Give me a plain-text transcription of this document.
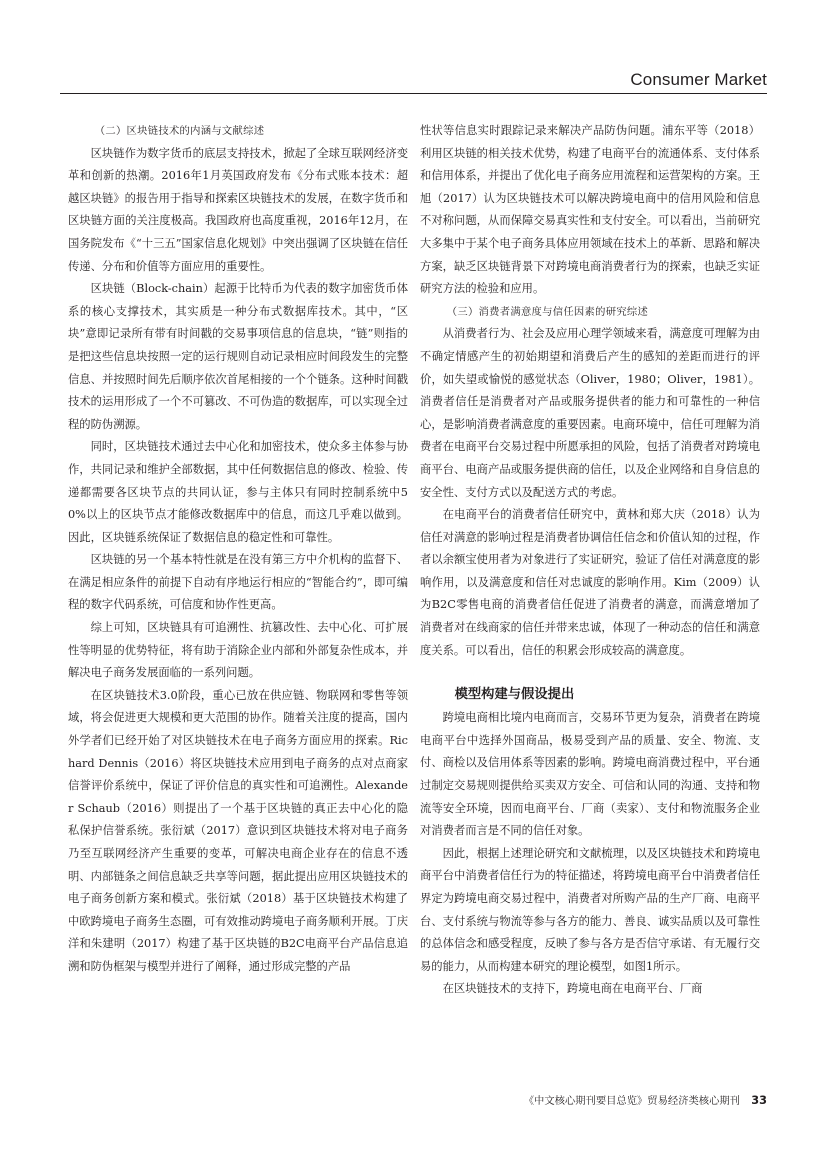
Consumer Market

（二）区块链技术的内涵与文献综述

区块链作为数字货币的底层支持技术，掀起了全球互联网经济变革和创新的热潮。2016年1月英国政府发布《分布式账本技术：超越区块链》的报告用于指导和探索区块链技术的发展，在数字货币和区块链方面的关注度极高。我国政府也高度重视，2016年12月，在国务院发布《“十三五”国家信息化规划》中突出强调了区块链在信任传递、分布和价值等方面应用的重要性。

区块链（Block-chain）起源于比特币为代表的数字加密货币体系的核心支撑技术，其实质是一种分布式数据库技术。其中，“区块”意即记录所有带有时间戳的交易事项信息的信息块，“链”则指的是把这些信息块按照一定的运行规则自动记录相应时间段发生的完整信息、并按照时间先后顺序依次首尾相接的一个个链条。这种时间戳技术的运用形成了一个不可篡改、不可伪造的数据库，可以实现全过程的防伪溯源。

同时，区块链技术通过去中心化和加密技术，使众多主体参与协作，共同记录和维护全部数据，其中任何数据信息的修改、检验、传递都需要各区块节点的共同认证，参与主体只有同时控制系统中50%以上的区块节点才能修改数据库中的信息，而这几乎难以做到。因此，区块链系统保证了数据信息的稳定性和可靠性。

区块链的另一个基本特性就是在没有第三方中介机构的监督下、在满足相应条件的前提下自动有序地运行相应的“智能合约”，即可编程的数字代码系统，可信度和协作性更高。

综上可知，区块链具有可追溯性、抗篡改性、去中心化、可扩展性等明显的优势特征，将有助于消除企业内部和外部复杂性成本，并解决电子商务发展面临的一系列问题。

在区块链技术3.0阶段，重心已放在供应链、物联网和零售等领域，将会促进更大规模和更大范围的协作。随着关注度的提高，国内外学者们已经开始了对区块链技术在电子商务方面应用的探索。Richard Dennis（2016）将区块链技术应用到电子商务的点对点商家信誉评价系统中，保证了评价信息的真实性和可追溯性。Alexander Schaub（2016）则提出了一个基于区块链的真正去中心化的隐私保护信誉系统。张衍斌（2017）意识到区块链技术将对电子商务乃至互联网经济产生重要的变革，可解决电商企业存在的信息不透明、内部链条之间信息缺乏共享等问题，据此提出应用区块链技术的电子商务创新方案和模式。张衍斌（2018）基于区块链技术构建了中欧跨境电子商务生态圈，可有效推动跨境电子商务顺利开展。丁庆洋和朱建明（2017）构建了基于区块链的B2C电商平台产品信息追溯和防伪框架与模型并进行了阐释，通过形成完整的产品

性状等信息实时跟踪记录来解决产品防伪问题。浦东平等（2018）利用区块链的相关技术优势，构建了电商平台的流通体系、支付体系和信用体系，并提出了优化电子商务应用流程和运营架构的方案。王旭（2017）认为区块链技术可以解决跨境电商中的信用风险和信息不对称问题，从而保障交易真实性和支付安全。可以看出，当前研究大多集中于某个电子商务具体应用领域在技术上的革新、思路和解决方案，缺乏区块链背景下对跨境电商消费者行为的探索，也缺乏实证研究方法的检验和应用。

（三）消费者满意度与信任因素的研究综述

从消费者行为、社会及应用心理学领域来看，满意度可理解为由不确定情感产生的初始期望和消费后产生的感知的差距而进行的评价，如失望或愉悦的感觉状态（Oliver，1980；Oliver，1981）。消费者信任是消费者对产品或服务提供者的能力和可靠性的一种信心，是影响消费者满意度的重要因素。电商环境中，信任可理解为消费者在电商平台交易过程中所愿承担的风险，包括了消费者对跨境电商平台、电商产品或服务提供商的信任，以及企业网络和自身信息的安全性、支付方式以及配送方式的考虑。

在电商平台的消费者信任研究中，黄林和郑大庆（2018）认为信任对满意的影响过程是消费者协调信任信念和价值认知的过程，作者以余额宝使用者为对象进行了实证研究，验证了信任对满意度的影响作用，以及满意度和信任对忠诚度的影响作用。Kim（2009）认为B2C零售电商的消费者信任促进了消费者的满意，而满意增加了消费者对在线商家的信任并带来忠诚，体现了一种动态的信任和满意度关系。可以看出，信任的积累会形成较高的满意度。

模型构建与假设提出

跨境电商相比境内电商而言，交易环节更为复杂，消费者在跨境电商平台中选择外国商品，极易受到产品的质量、安全、物流、支付、商检以及信用体系等因素的影响。跨境电商消费过程中，平台通过制定交易规则提供给买卖双方安全、可信和认同的沟通、支持和物流等安全环境，因而电商平台、厂商（卖家）、支付和物流服务企业对消费者而言是不同的信任对象。

因此，根据上述理论研究和文献梳理，以及区块链技术和跨境电商平台中消费者信任行为的特征描述，将跨境电商平台中消费者信任界定为跨境电商交易过程中，消费者对所购产品的生产厂商、电商平台、支付系统与物流等参与各方的能力、善良、诚实品质以及可靠性的总体信念和感受程度，反映了参与各方是否信守承诺、有无履行交易的能力，从而构建本研究的理论模型，如图1所示。

在区块链技术的支持下，跨境电商在电商平台、厂商

《中文核心期刊要目总览》贸易经济类核心期刊 33
